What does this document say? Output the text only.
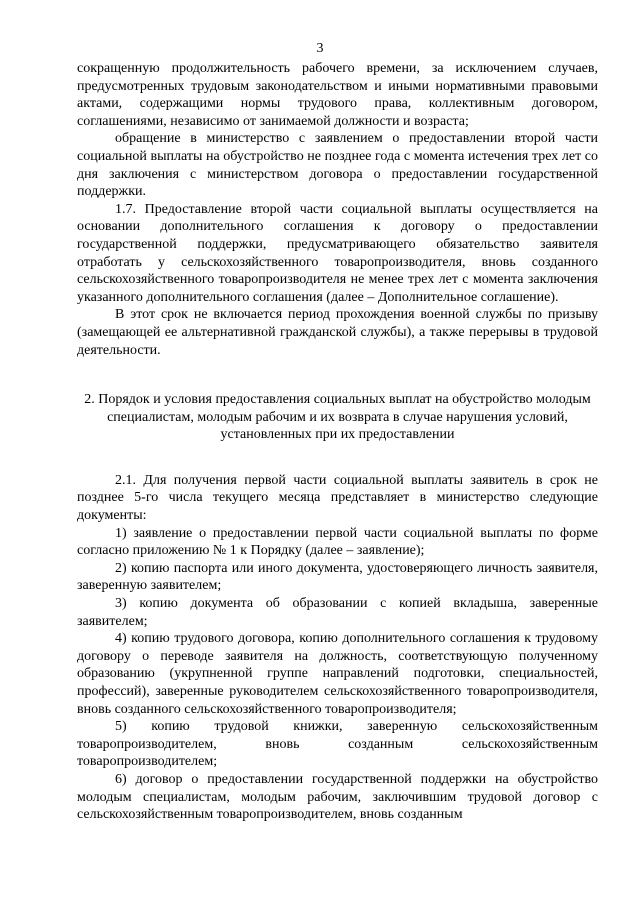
3

сокращенную продолжительность рабочего времени, за исключением случаев, предусмотренных трудовым законодательством и иными нормативными правовыми актами, содержащими нормы трудового права, коллективным договором, соглашениями, независимо от занимаемой должности и возраста;

обращение в министерство с заявлением о предоставлении второй части социальной выплаты на обустройство не позднее года с момента истечения трех лет со дня заключения с министерством договора о предоставлении государственной поддержки.

1.7. Предоставление второй части социальной выплаты осуществляется на основании дополнительного соглашения к договору о предоставлении государственной поддержки, предусматривающего обязательство заявителя отработать у сельскохозяйственного товаропроизводителя, вновь созданного сельскохозяйственного товаропроизводителя не менее трех лет с момента заключения указанного дополнительного соглашения (далее – Дополнительное соглашение).

В этот срок не включается период прохождения военной службы по призыву (замещающей ее альтернативной гражданской службы), а также перерывы в трудовой деятельности.

2. Порядок и условия предоставления социальных выплат на обустройство молодым специалистам, молодым рабочим и их возврата в случае нарушения условий, установленных при их предоставлении

2.1. Для получения первой части социальной выплаты заявитель в срок не позднее 5-го числа текущего месяца представляет в министерство следующие документы:

1) заявление о предоставлении первой части социальной выплаты по форме согласно приложению № 1 к Порядку (далее – заявление);

2) копию паспорта или иного документа, удостоверяющего личность заявителя, заверенную заявителем;

3) копию документа об образовании с копией вкладыша, заверенные заявителем;

4) копию трудового договора, копию дополнительного соглашения к трудовому договору о переводе заявителя на должность, соответствующую полученному образованию (укрупненной группе направлений подготовки, специальностей, профессий), заверенные руководителем сельскохозяйственного товаропроизводителя, вновь созданного сельскохозяйственного товаропроизводителя;

5) копию трудовой книжки, заверенную сельскохозяйственным товаропроизводителем, вновь созданным сельскохозяйственным товаропроизводителем;

6) договор о предоставлении государственной поддержки на обустройство молодым специалистам, молодым рабочим, заключившим трудовой договор с сельскохозяйственным товаропроизводителем, вновь созданным
